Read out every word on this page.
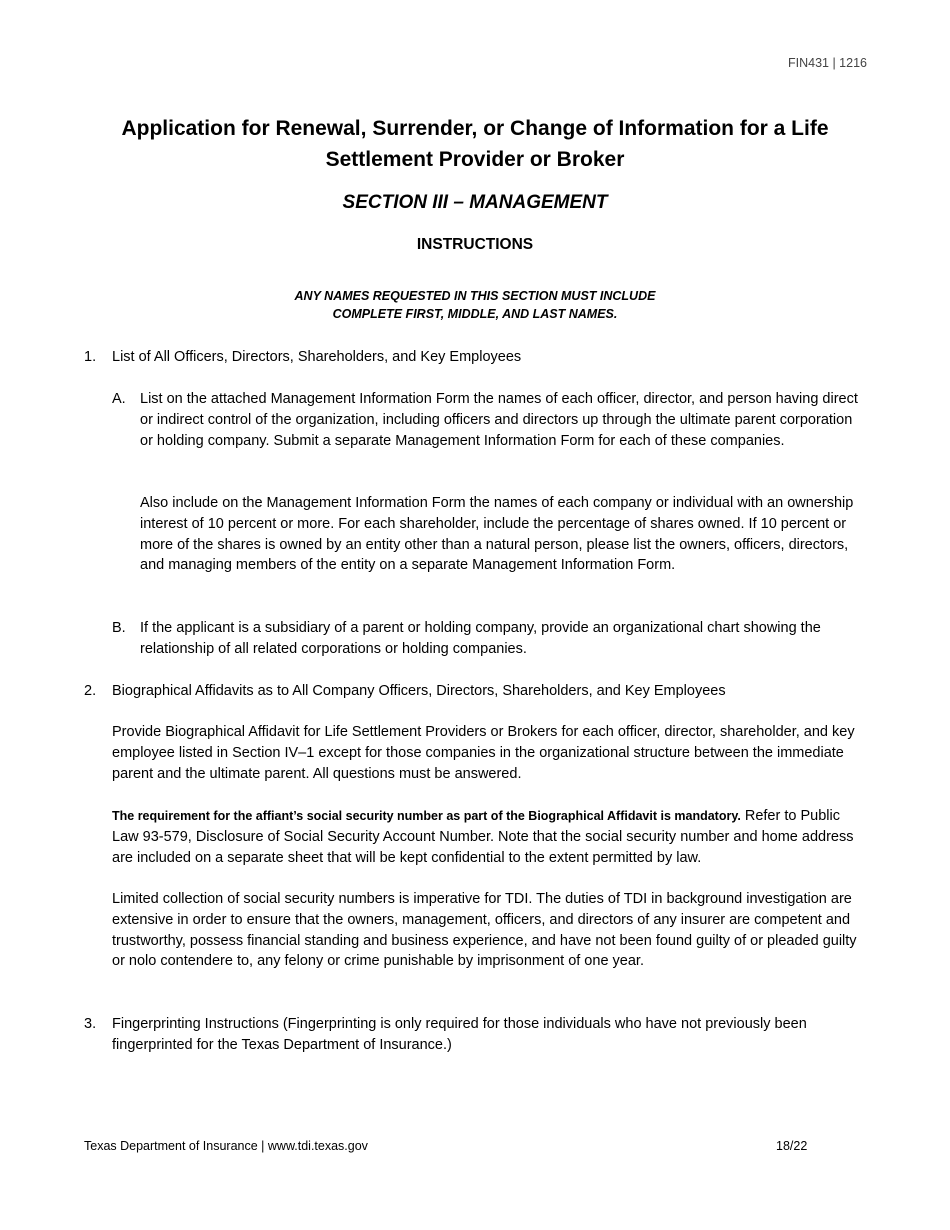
FIN431 | 1216
Application for Renewal, Surrender, or Change of Information for a Life Settlement Provider or Broker
SECTION III – MANAGEMENT
INSTRUCTIONS
ANY NAMES REQUESTED IN THIS SECTION MUST INCLUDE
COMPLETE FIRST, MIDDLE, AND LAST NAMES.
1. List of All Officers, Directors, Shareholders, and Key Employees

A. List on the attached Management Information Form the names of each officer, director, and person having direct or indirect control of the organization, including officers and directors up through the ultimate parent corporation or holding company. Submit a separate Management Information Form for each of these companies.

Also include on the Management Information Form the names of each company or individual with an ownership interest of 10 percent or more. For each shareholder, include the percentage of shares owned. If 10 percent or more of the shares is owned by an entity other than a natural person, please list the owners, officers, directors, and managing members of the entity on a separate Management Information Form.

B. If the applicant is a subsidiary of a parent or holding company, provide an organizational chart showing the relationship of all related corporations or holding companies.

2. Biographical Affidavits as to All Company Officers, Directors, Shareholders, and Key Employees

Provide Biographical Affidavit for Life Settlement Providers or Brokers for each officer, director, shareholder, and key employee listed in Section IV–1 except for those companies in the organizational structure between the immediate parent and the ultimate parent. All questions must be answered.

The requirement for the affiant’s social security number as part of the Biographical Affidavit is mandatory. Refer to Public Law 93-579, Disclosure of Social Security Account Number. Note that the social security number and home address are included on a separate sheet that will be kept confidential to the extent permitted by law.

Limited collection of social security numbers is imperative for TDI. The duties of TDI in background investigation are extensive in order to ensure that the owners, management, officers, and directors of any insurer are competent and trustworthy, possess financial standing and business experience, and have not been found guilty of or pleaded guilty or nolo contendere to, any felony or crime punishable by imprisonment of one year.

3. Fingerprinting Instructions (Fingerprinting is only required for those individuals who have not previously been fingerprinted for the Texas Department of Insurance.)

Texas Department of Insurance | www.tdi.texas.gov	18/22
